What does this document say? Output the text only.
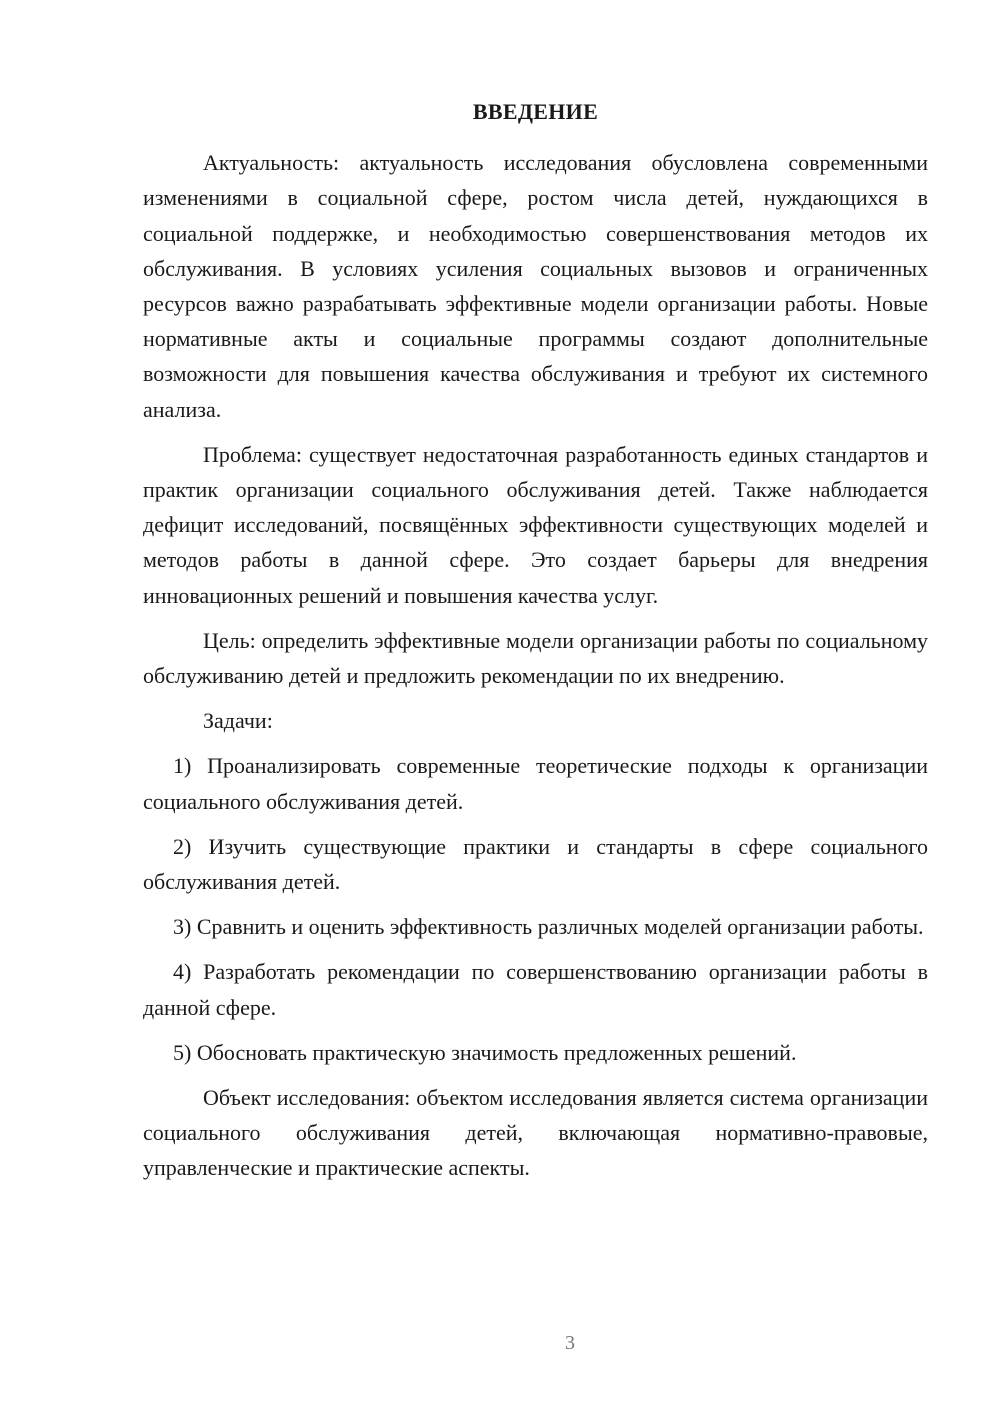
ВВЕДЕНИЕ

Актуальность: актуальность исследования обусловлена современными изменениями в социальной сфере, ростом числа детей, нуждающихся в социальной поддержке, и необходимостью совершенствования методов их обслуживания. В условиях усиления социальных вызовов и ограниченных ресурсов важно разрабатывать эффективные модели организации работы. Новые нормативные акты и социальные программы создают дополнительные возможности для повышения качества обслуживания и требуют их системного анализа.

Проблема: существует недостаточная разработанность единых стандартов и практик организации социального обслуживания детей. Также наблюдается дефицит исследований, посвящённых эффективности существующих моделей и методов работы в данной сфере. Это создает барьеры для внедрения инновационных решений и повышения качества услуг.

Цель: определить эффективные модели организации работы по социальному обслуживанию детей и предложить рекомендации по их внедрению.

Задачи:

1) Проанализировать современные теоретические подходы к организации социального обслуживания детей.

2) Изучить существующие практики и стандарты в сфере социального обслуживания детей.

3) Сравнить и оценить эффективность различных моделей организации работы.

4) Разработать рекомендации по совершенствованию организации работы в данной сфере.

5) Обосновать практическую значимость предложенных решений.

Объект исследования: объектом исследования является система организации социального обслуживания детей, включающая нормативно-правовые, управленческие и практические аспекты.

3
